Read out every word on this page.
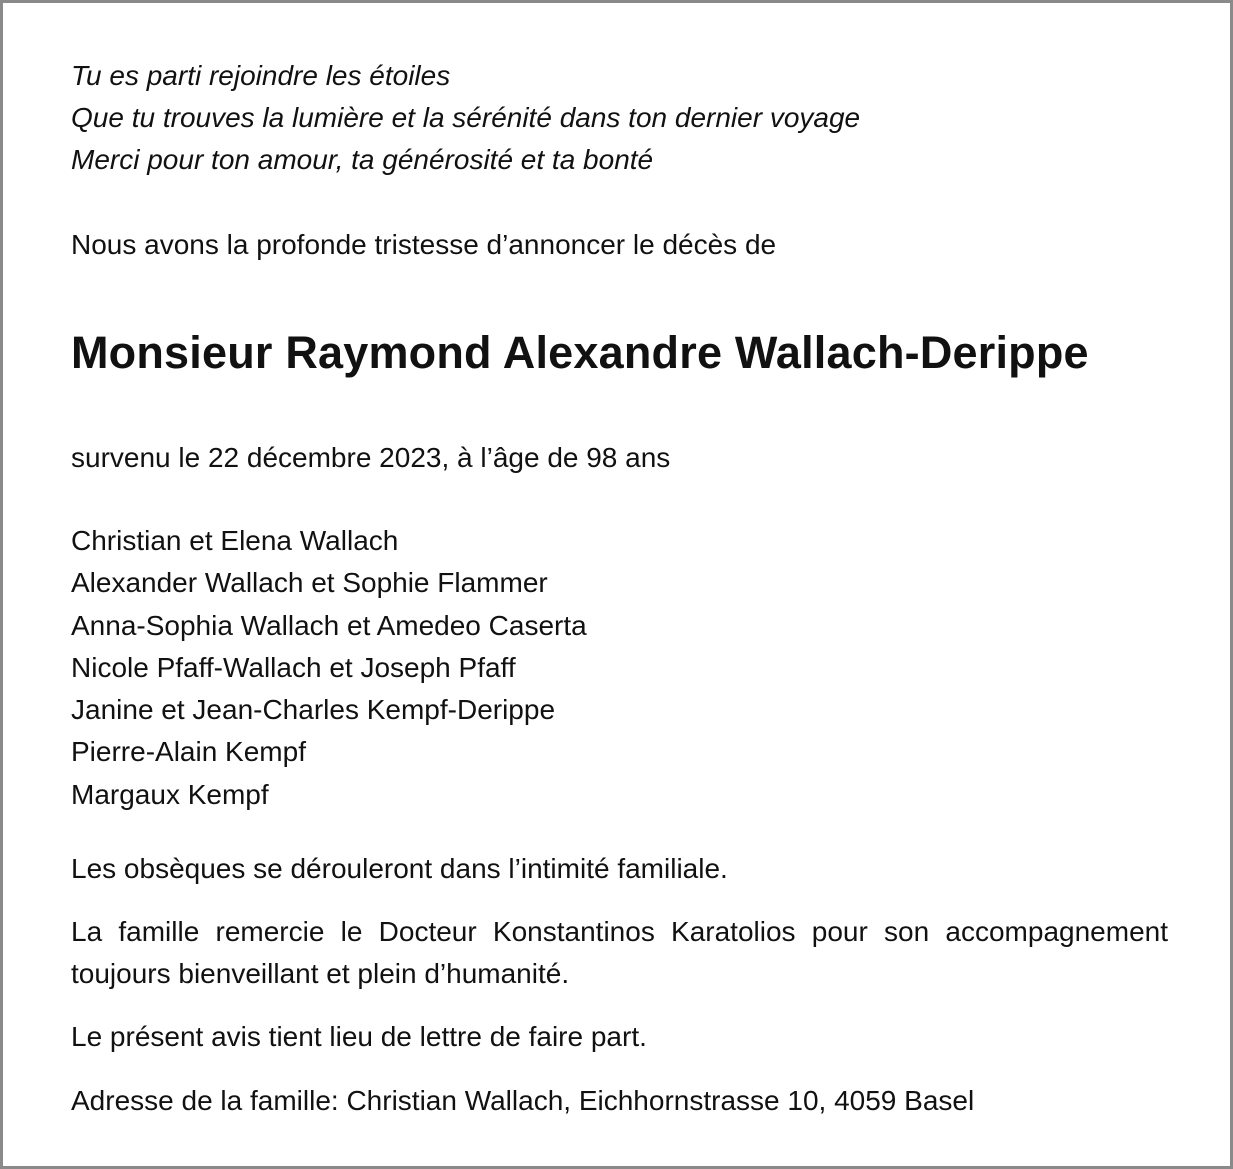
Tu es parti rejoindre les étoiles
Que tu trouves la lumière et la sérénité dans ton dernier voyage
Merci pour ton amour, ta générosité et ta bonté
Nous avons la profonde tristesse d’annoncer le décès de
Monsieur Raymond Alexandre Wallach-Derippe
survenu le 22 décembre 2023, à l’âge de 98 ans
Christian et Elena Wallach
Alexander Wallach et Sophie Flammer
Anna-Sophia Wallach et Amedeo Caserta
Nicole Pfaff-Wallach et Joseph Pfaff
Janine et Jean-Charles Kempf-Derippe
Pierre-Alain Kempf
Margaux Kempf
Les obsèques se dérouleront dans l’intimité familiale.
La famille remercie le Docteur Konstantinos Karatolios pour son accompagnement toujours bienveillant et plein d’humanité.
Le présent avis tient lieu de lettre de faire part.
Adresse de la famille: Christian Wallach, Eichhornstrasse 10, 4059 Basel
